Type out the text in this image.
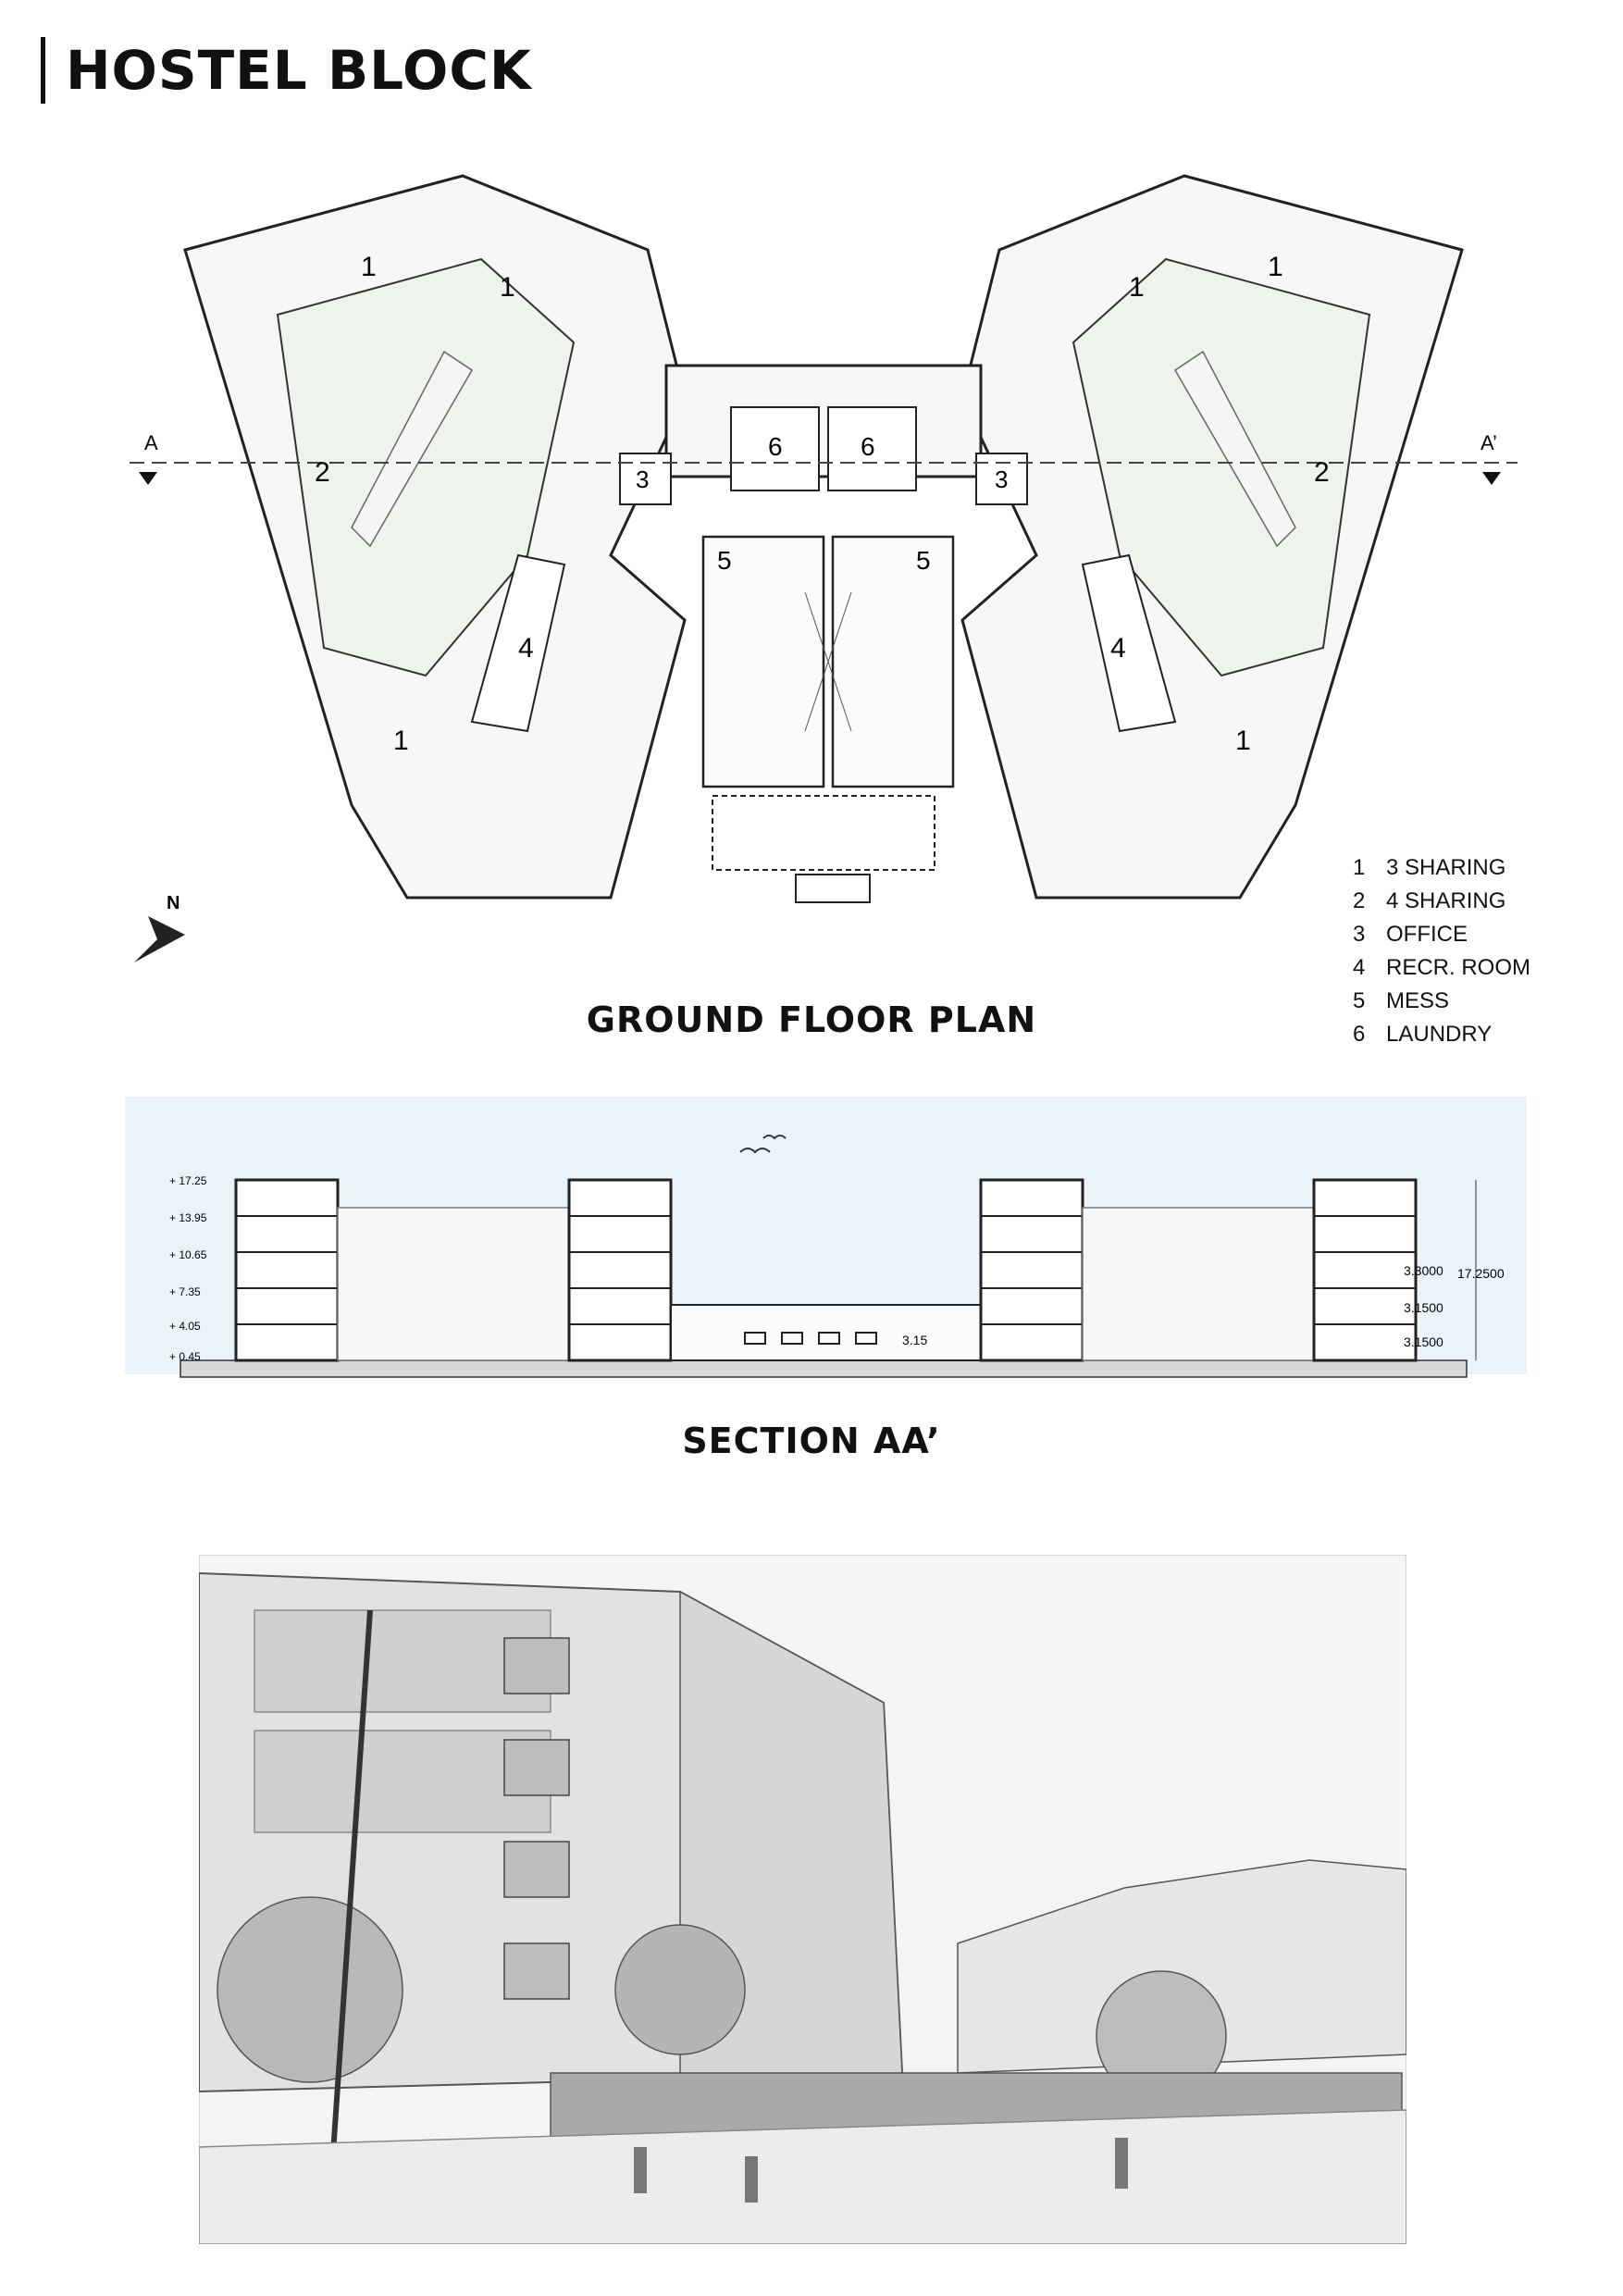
HOSTEL BLOCK
A	A’
1
1
2	3
4
1
5
6
1
1
2
3
4
1
5
6
N
1 3 SHARING
2 4 SHARING
3 OFFICE
4 RECR. ROOM
5 MESS
6 LAUNDRY
GROUND FLOOR PLAN
3.15
+ 17.25
+ 13.95
+ 10.65
+ 7.35
+ 4.05
+ 0.45
3.3000
3.1500
3.1500
17.2500
SECTION AA’
